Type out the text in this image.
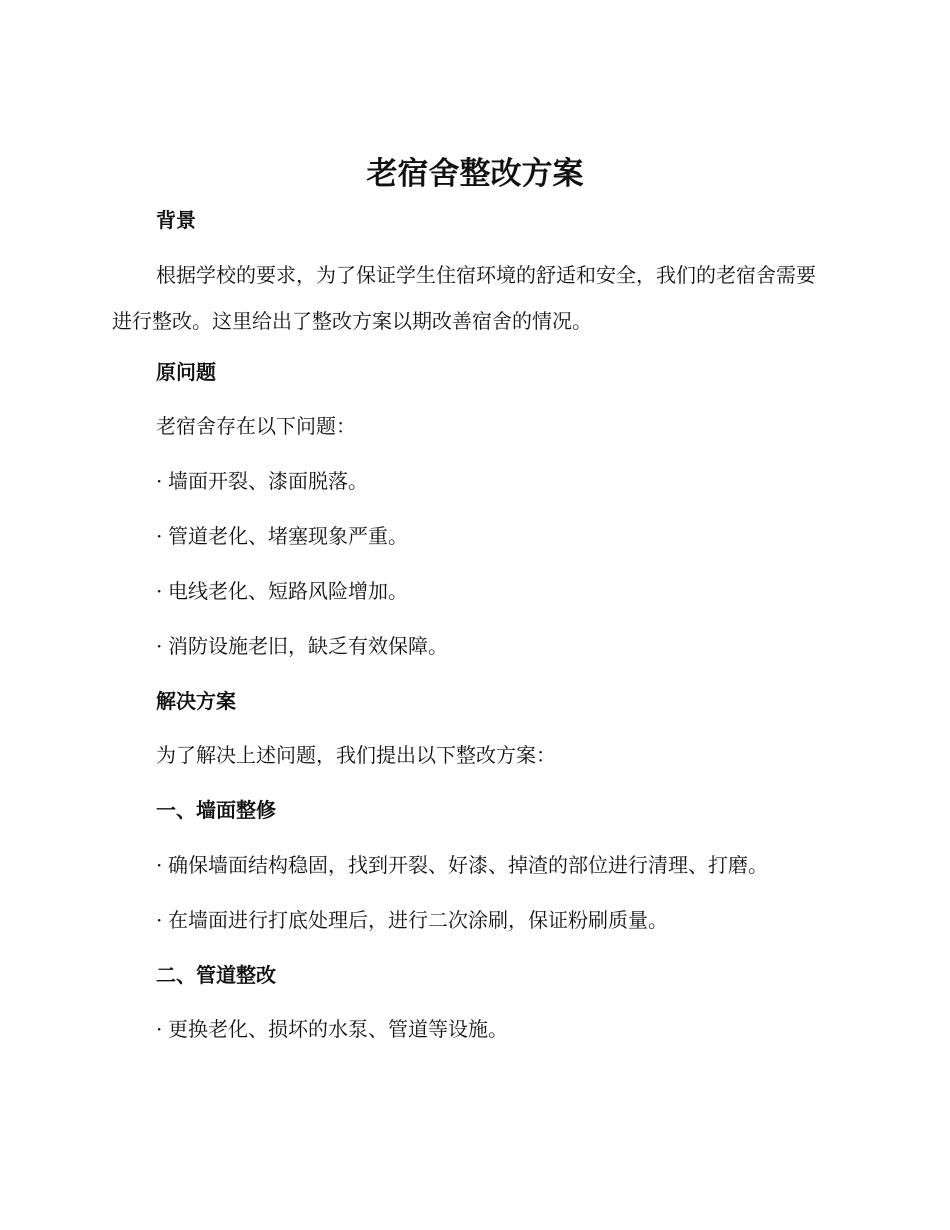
老宿舍整改方案
背景

根据学校的要求，为了保证学生住宿环境的舒适和安全，我们的老宿舍需要进行整改。这里给出了整改方案以期改善宿舍的情况。

原问题
老宿舍存在以下问题：
· 墙面开裂、漆面脱落。
· 管道老化、堵塞现象严重。
· 电线老化、短路风险增加。
· 消防设施老旧，缺乏有效保障。
解决方案
为了解决上述问题，我们提出以下整改方案：
一、墙面整修
· 确保墙面结构稳固，找到开裂、好漆、掉渣的部位进行清理、打磨。
· 在墙面进行打底处理后，进行二次涂刷，保证粉刷质量。
二、管道整改
· 更换老化、损坏的水泵、管道等设施。
